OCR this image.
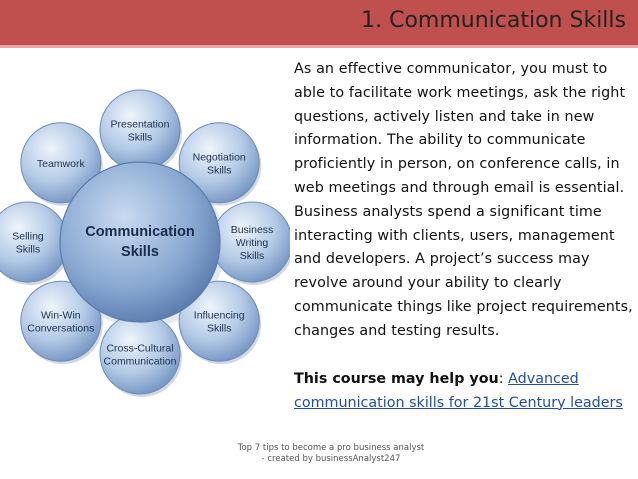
1. Communication Skills
Presentation
Skills
Negotiation
Skills
Business
Writing
Skills
Influencing
Skills
Cross-Cultural
Communication
Win-Win
Conversations
Selling
Skills
Teamwork
Communication
Skills
As an effective communicator, you must to able to facilitate work meetings, ask the right questions, actively listen and take in new information. The ability to communicate proficiently in person, on conference calls, in web meetings and through email is essential. Business analysts spend a significant time interacting with clients, users, management and developers. A project’s success may revolve around your ability to clearly communicate things like project requirements, changes and testing results.
This course may help you: Advanced communication skills for 21st Century leaders
Top 7 tips to become a pro business analyst
- created by businessAnalyst247
